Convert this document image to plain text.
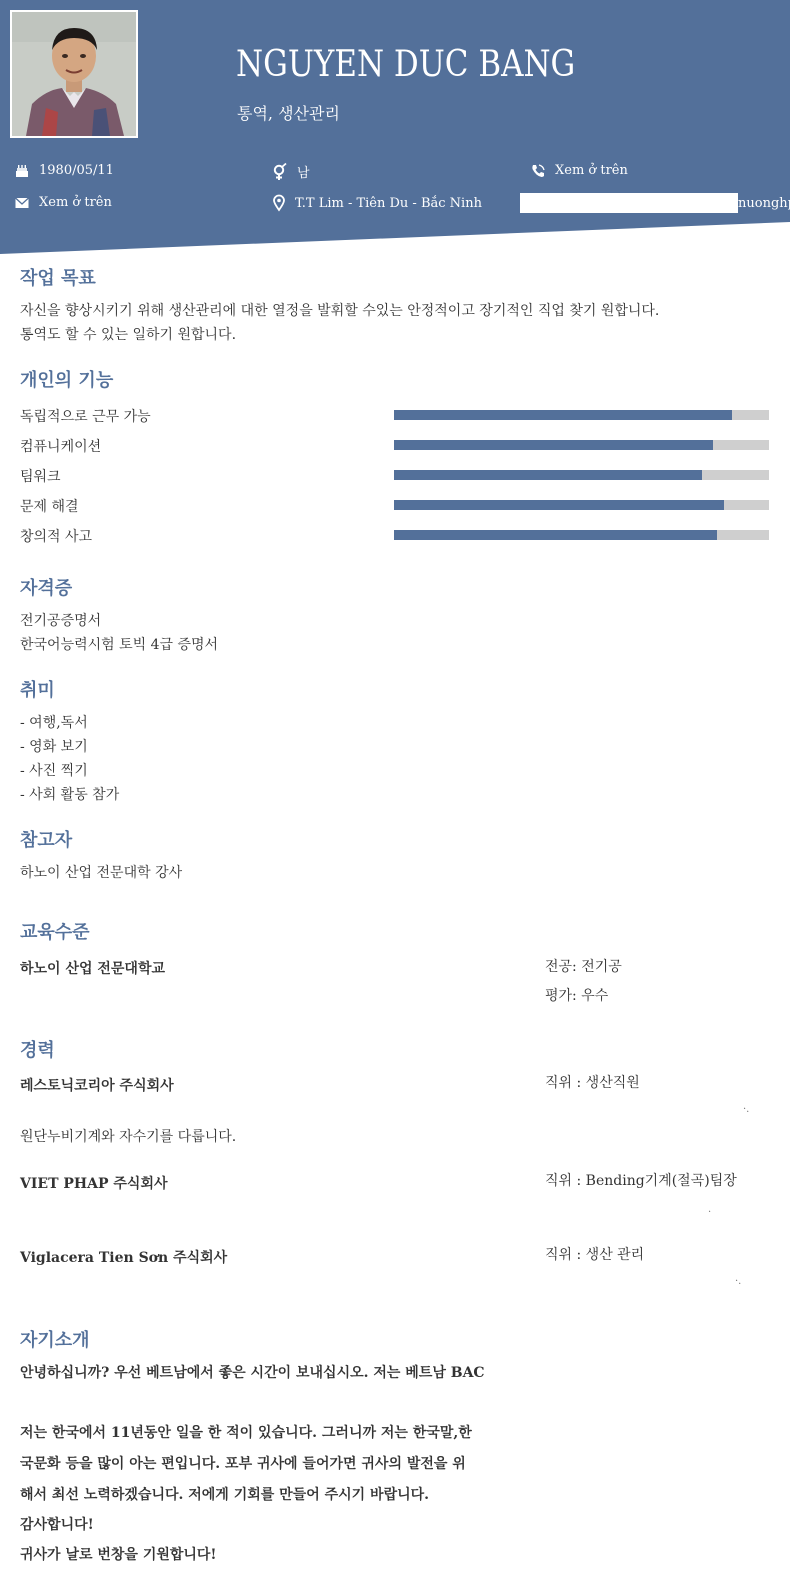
NGUYEN DUC BANG
통역, 생산관리
1980/05/11	남	Xem ở trên
Xem ở trên	T.T Lim - Tiên Du - Bắc Ninh	nuonghp
작업 목표
자신을 향상시키기 위해 생산관리에 대한 열정을 발휘할 수있는 안정적이고 장기적인 직업 찾기 원합니다.
통역도 할 수 있는 일하기 원합니다.
개인의 기능
독립적으로 근무 가능
컴퓨니케이션
팀워크
문제 해결
창의적 사고
자격증
전기공증명서
한국어능력시험 토빅 4급 증명서
취미
- 여행,독서
- 영화 보기
- 사진 찍기
- 사회 활동 참가
참고자
하노이 산업 전문대학 강사
교육수준
하노이 산업 전문대학교	전공: 전기공
평가: 우수
경력
레스토닉코리아 주식회사	직위 : 생산직원
·.
원단누비기계와 자수기를 다룹니다.
VIET PHAP 주식회사	직위 : Bending기계(절곡)팀장
.
Viglacera Tien Sơn 주식회사	직위 : 생산 관리
·.
자기소개
안녕하십니까? 우선 베트남에서 좋은 시간이 보내십시오. 저는 베트남 BAC
저는 한국에서 11년동안 일을 한 적이 있습니다. 그러니까 저는 한국말,한
국문화 등을 많이 아는 편입니다. 포부 귀사에 들어가면 귀사의 발전을 위
해서 최선 노력하겠습니다. 저에게 기회를 만들어 주시기 바랍니다.
감사합니다!
귀사가 날로 번창을 기원합니다!
